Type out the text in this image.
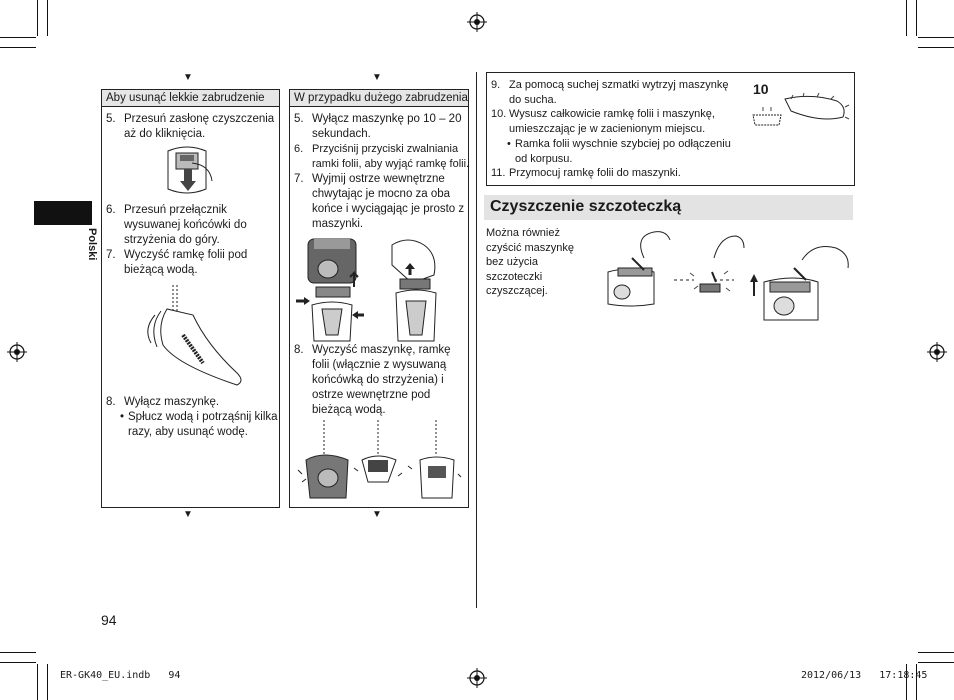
Polski
▼	▼
▼	▼
Aby usunąć lekkie zabrudzenie
5. Przesuń zasłonę czyszczenia
aż do kliknięcia.
6. Przesuń przełącznik
wysuwanej końcówki do
strzyżenia do góry.
7. Wyczyść ramkę folii pod
bieżącą wodą.
8. Wyłącz maszynkę.
• Spłucz wodą i potrząśnij kilka
razy, aby usunąć wodę.
W przypadku dużego zabrudzenia
5. Wyłącz maszynkę po 10 – 20
sekundach.
6. Przyciśnij przyciski zwalniania
ramki folii, aby wyjąć ramkę folii.
7. Wyjmij ostrze wewnętrzne
chwytając je mocno za oba
końce i wyciągając je prosto z
maszynki.
8. Wyczyść maszynkę, ramkę
folii (włącznie z wysuwaną
końcówką do strzyżenia) i
ostrze wewnętrzne pod
bieżącą wodą.
9. Za pomocą suchej szmatki wytrzyj maszynkę
do sucha.
10. Wysusz całkowicie ramkę folii i maszynkę,
umieszczając je w zacienionym miejscu.
• Ramka folii wyschnie szybciej po odłączeniu
od korpusu.
11. Przymocuj ramkę folii do maszynki.
10
Czyszczenie szczoteczką
Można również
czyścić maszynkę
bez użycia
szczoteczki
czyszczącej.
94
ER-GK40_EU.indb   94	2012/06/13   17:18:45
